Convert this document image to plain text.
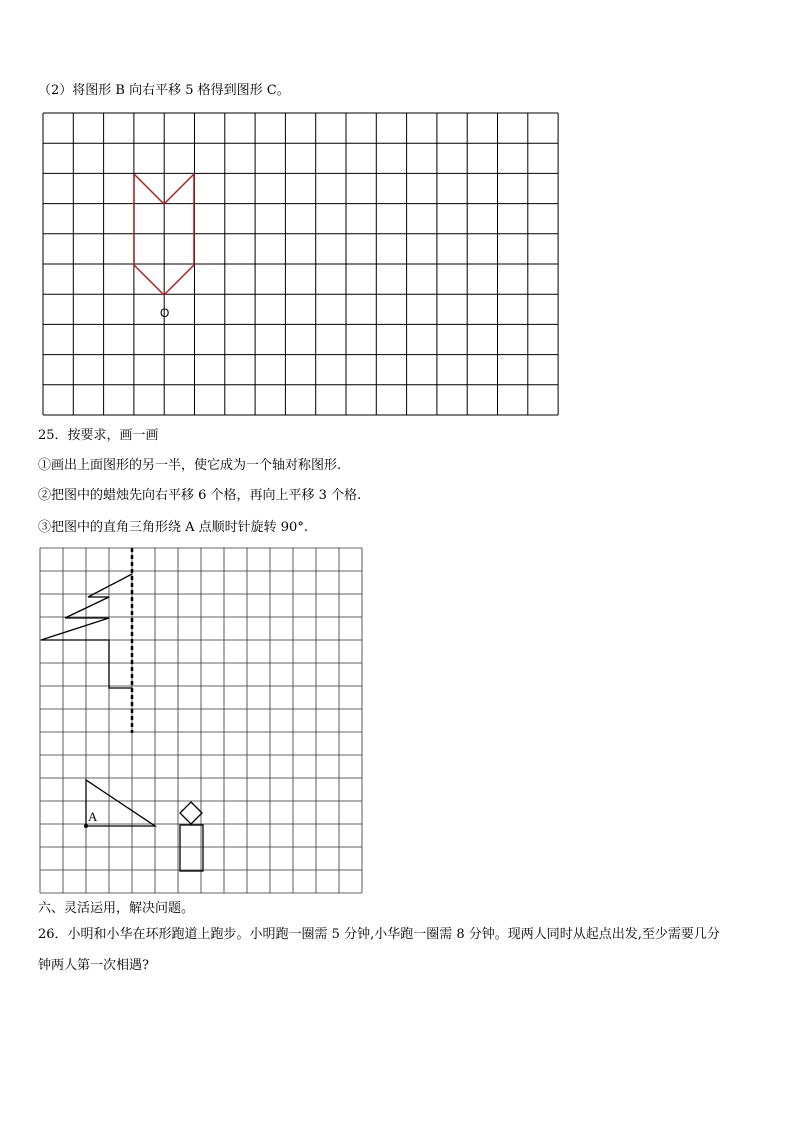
（2）将图形 B 向右平移 5 格得到图形 C。
O
25．按要求，画一画
①画出上面图形的另一半，使它成为一个轴对称图形.
②把图中的蜡烛先向右平移 6 个格，再向上平移 3 个格.
③把图中的直角三角形绕 A 点顺时针旋转 90°.
A
六、灵活运用，解决问题。
26．小明和小华在环形跑道上跑步。小明跑一圈需 5 分钟,小华跑一圈需 8 分钟。现两人同时从起点出发,至少需要几分
钟两人第一次相遇?
